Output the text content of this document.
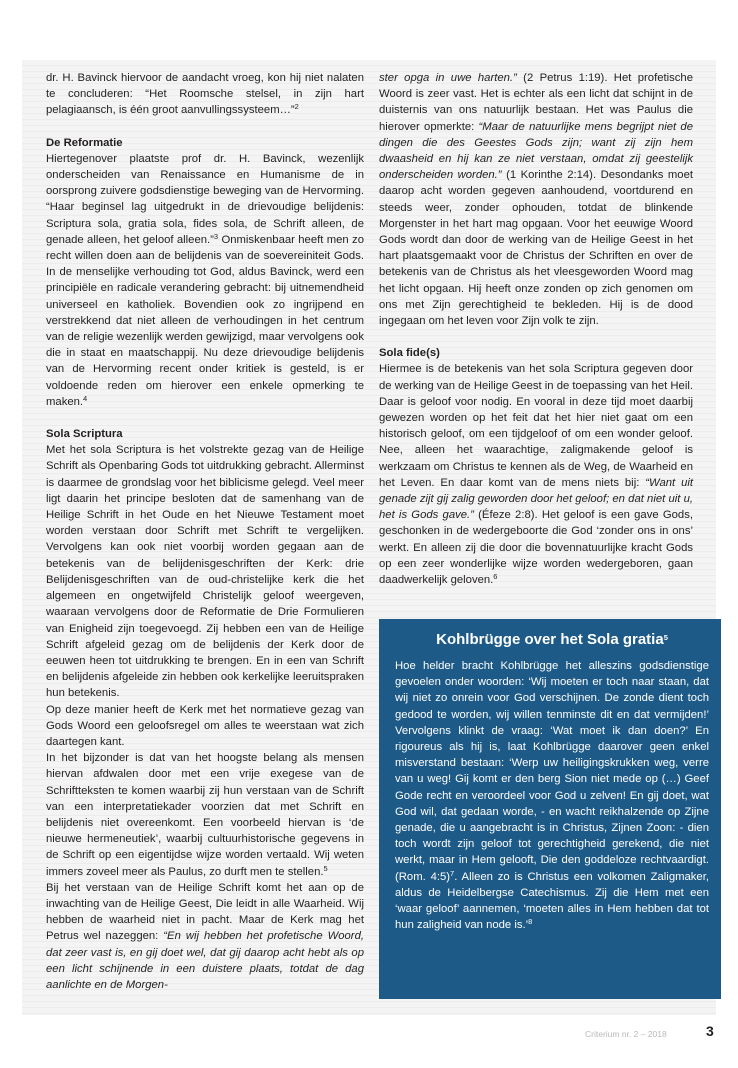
dr. H. Bavinck hiervoor de aandacht vroeg, kon hij niet nalaten te concluderen: “Het Roomsche stelsel, in zijn hart pelagiaansch, is één groot aanvullingssysteem…”$^2$

De Reformatie

Hiertegenover plaatste prof dr. H. Bavinck, wezenlijk onderscheiden van Renaissance en Humanisme de in oorsprong zuivere godsdienstige beweging van de Hervorming. “Haar beginsel lag uitgedrukt in de drievoudige belijdenis: Scriptura sola, gratia sola, fides sola, de Schrift alleen, de genade alleen, het geloof alleen.”$^3$ Onmiskenbaar heeft men zo recht willen doen aan de belijdenis van de soevereiniteit Gods. In de menselijke verhouding tot God, aldus Bavinck, werd een principiële en radicale verandering gebracht: bij uitnemendheid universeel en katholiek. Bovendien ook zo ingrijpend en verstrekkend dat niet alleen de verhoudingen in het centrum van de religie wezenlijk werden gewijzigd, maar vervolgens ook die in staat en maatschappij. Nu deze drievoudige belijdenis van de Hervorming recent onder kritiek is gesteld, is er voldoende reden om hierover een enkele opmerking te maken.$^4$

Sola Scriptura

Met het sola Scriptura is het volstrekte gezag van de Heilige Schrift als Openbaring Gods tot uitdrukking gebracht. Allerminst is daarmee de grondslag voor het biblicisme gelegd. Veel meer ligt daarin het principe besloten dat de samenhang van de Heilige Schrift in het Oude en het Nieuwe Testament moet worden verstaan door Schrift met Schrift te vergelijken. Vervolgens kan ook niet voorbij worden gegaan aan de betekenis van de belijdenisgeschriften der Kerk: drie Belijdenisgeschriften van de oud-christelijke kerk die het algemeen en ongetwijfeld Christelijk geloof weergeven, waaraan vervolgens door de Reformatie de Drie Formulieren van Enigheid zijn toegevoegd. Zij hebben een van de Heilige Schrift afgeleid gezag om de belijdenis der Kerk door de eeuwen heen tot uitdrukking te brengen. En in een van Schrift en belijdenis afgeleide zin hebben ook kerkelijke leeruitspraken hun betekenis.

Op deze manier heeft de Kerk met het normatieve gezag van Gods Woord een geloofsregel om alles te weerstaan wat zich daartegen kant.

In het bijzonder is dat van het hoogste belang als mensen hiervan afdwalen door met een vrije exegese van de Schriftteksten te komen waarbij zij hun verstaan van de Schrift van een interpretatiekader voorzien dat met Schrift en belijdenis niet overeenkomt. Een voorbeeld hiervan is ‘de nieuwe hermeneutiek’, waarbij cultuurhistorische gegevens in de Schrift op een eigentijdse wijze worden vertaald. Wij weten immers zoveel meer als Paulus, zo durft men te stellen.$^5$

Bij het verstaan van de Heilige Schrift komt het aan op de inwachting van de Heilige Geest, Die leidt in alle Waarheid. Wij hebben de waarheid niet in pacht. Maar de Kerk mag het Petrus wel nazeggen: “En wij hebben het profetische Woord, dat zeer vast is, en gij doet wel, dat gij daarop acht hebt als op een licht schijnende in een duistere plaats, totdat de dag aanlichte en de Morgen-

ster opga in uwe harten.” (2 Petrus 1:19). Het profetische Woord is zeer vast. Het is echter als een licht dat schijnt in de duisternis van ons natuurlijk bestaan. Het was Paulus die hierover opmerkte: “Maar de natuurlijke mens begrijpt niet de dingen die des Geestes Gods zijn; want zij zijn hem dwaasheid en hij kan ze niet verstaan, omdat zij geestelijk onderscheiden worden.” (1 Korinthe 2:14). Desondanks moet daarop acht worden gegeven aanhoudend, voortdurend en steeds weer, zonder ophouden, totdat de blinkende Morgenster in het hart mag opgaan. Voor het eeuwige Woord Gods wordt dan door de werking van de Heilige Geest in het hart plaatsgemaakt voor de Christus der Schriften en over de betekenis van de Christus als het vleesgeworden Woord mag het licht opgaan. Hij heeft onze zonden op zich genomen om ons met Zijn gerechtigheid te bekleden. Hij is de dood ingegaan om het leven voor Zijn volk te zijn.

Sola fide(s)

Hiermee is de betekenis van het sola Scriptura gegeven door de werking van de Heilige Geest in de toepassing van het Heil. Daar is geloof voor nodig. En vooral in deze tijd moet daarbij gewezen worden op het feit dat het hier niet gaat om een historisch geloof, om een tijdgeloof of om een wonder geloof. Nee, alleen het waarachtige, zaligmakende geloof is werkzaam om Christus te kennen als de Weg, de Waarheid en het Leven. En daar komt van de mens niets bij: “Want uit genade zijt gij zalig geworden door het geloof; en dat niet uit u, het is Gods gave.” (Éfeze 2:8). Het geloof is een gave Gods, geschonken in de wedergeboorte die God ‘zonder ons in ons’ werkt. En alleen zij die door die bovennatuurlijke kracht Gods op een zeer wonderlijke wijze worden wedergeboren, gaan daadwerkelijk geloven.$^6$

Kohlbrügge over het Sola gratia$^5$

Hoe helder bracht Kohlbrügge het alleszins godsdienstige gevoelen onder woorden: ‘Wij moeten er toch naar staan, dat wij niet zo onrein voor God verschijnen. De zonde dient toch gedood te worden, wij willen tenminste dit en dat vermijden!’ Vervolgens klinkt de vraag: ‘Wat moet ik dan doen?’ En rigoureus als hij is, laat Kohlbrügge daarover geen enkel misverstand bestaan: ‘Werp uw heiligingskrukken weg, verre van u weg! Gij komt er den berg Sion niet mede op (…) Geef Gode recht en veroordeel voor God u zelven! En gij doet, wat God wil, dat gedaan worde, - en wacht reikhalzende op Zijne genade, die u aangebracht is in Christus, Zijnen Zoon: - dien toch wordt zijn geloof tot gerechtigheid gerekend, die niet werkt, maar in Hem gelooft, Die den goddeloze rechtvaardigt. (Rom. 4:5)$^7$. Alleen zo is Christus een volkomen Zaligmaker, aldus de Heidelbergse Catechismus. Zij die Hem met een ‘waar geloof’ aannemen, ‘moeten alles in Hem hebben dat tot hun zaligheid van node is.’$^8$

Criterium nr. 2 – 2018	3
